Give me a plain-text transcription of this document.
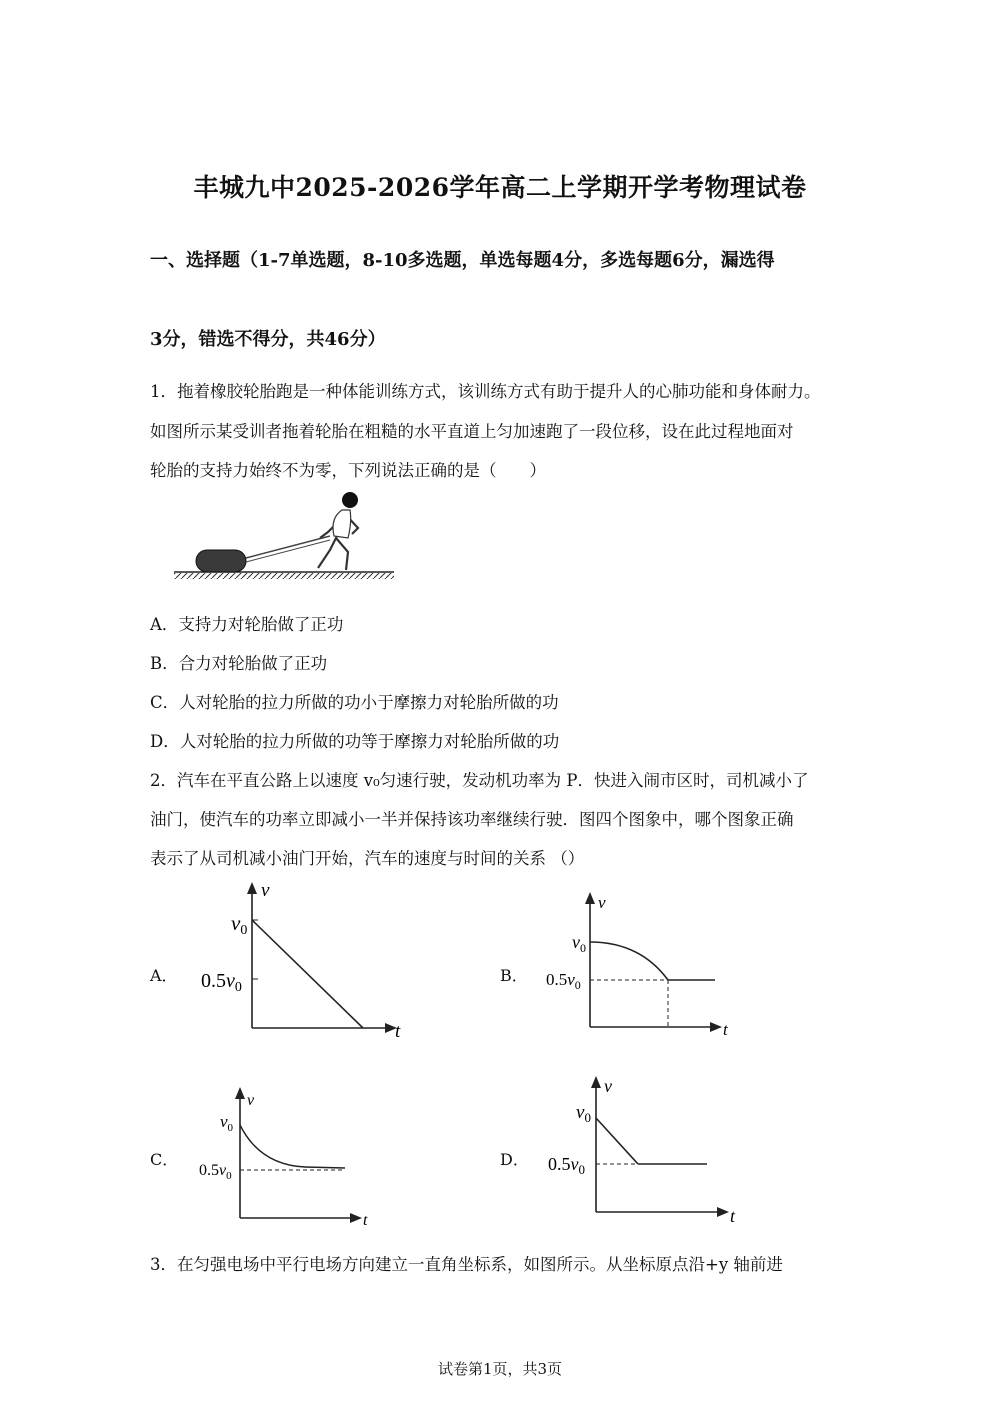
丰城九中2025-2026学年高二上学期开学考物理试卷
一、选择题（1-7单选题，8-10多选题，单选每题4分，多选每题6分，漏选得
3分，错选不得分，共46分）
1．拖着橡胶轮胎跑是一种体能训练方式，该训练方式有助于提升人的心肺功能和身体耐力。
如图所示某受训者拖着轮胎在粗糙的水平直道上匀加速跑了一段位移，设在此过程地面对
轮胎的支持力始终不为零，下列说法正确的是（　　）
A．支持力对轮胎做了正功
B．合力对轮胎做了正功
C．人对轮胎的拉力所做的功小于摩擦力对轮胎所做的功
D．人对轮胎的拉力所做的功等于摩擦力对轮胎所做的功
2．汽车在平直公路上以速度 v₀匀速行驶，发动机功率为 P．快进入闹市区时，司机减小了
油门，使汽车的功率立即减小一半并保持该功率继续行驶．图四个图象中，哪个图象正确
表示了从司机减小油门开始，汽车的速度与时间的关系 （）
A．
v
t
v0
$0.5v_0$
B．
v
t
$v_0$
$0.5v_0$
C．
v
t
$v_0$
$0.5v_0$
D．
v
t
$v_0$
$0.5v_0$
3．在匀强电场中平行电场方向建立一直角坐标系，如图所示。从坐标原点沿+y 轴前进
试卷第1页，共3页
